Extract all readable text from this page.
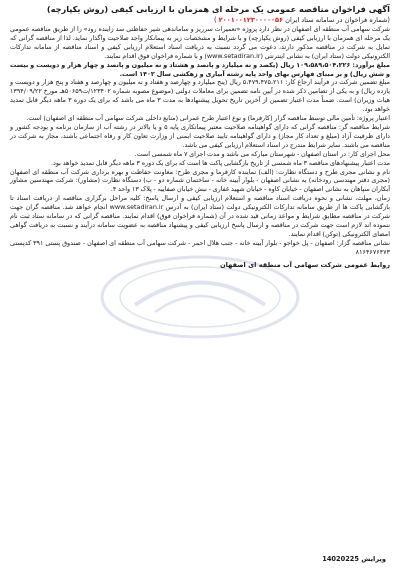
آگهی فراخوان مناقصه عمومی یک مرحله ای همزمان با ارزیابی کیفی (روش یکپارچه)
(شماره فراخوان در سامانه ستاد ایران ۲۰۰۱۰۰۱۲۳۰۰۰۰۰۵۶ )

شرکت سهامی آب منطقه ای اصفهان در نظر دارد پروژه «تعمیرات سرریز و ساماندهی شیر حفاظتی سد زاینده رود» را از طریق مناقصه عمومی یک مرحله ای همزمان با ارزیابی کیفی (روش یکپارچه) و با شرایط و مشخصات زیر به پیمانکار واجد صلاحیت واگذار نماید. لذا از مناقصه گرانی که تمایل به شرکت در مناقصه مذکور دارند، دعوت می گردد نسبت به دریافت اسناد استعلام ارزیابی کیفی و اسناد مناقصه از سامانه تدارکات الکترونیکی دولت (ستاد ایران) به نشانی اینترنتی (www.setadiran.ir) و با شماره فراخوان فوق اقدام نمایند.

مبلغ برآورد: ۱۰۹،۵۸۹،۵۰۴،۲۲۶ ریال (یکصد و نه میلیارد و پانصد و هشتاد و نه میلیون و پانصد و چهار هزار و دویست و بیست و شش ریال) و بر مبنای فهارس بهای واحد پایه رشته آبیاری و زهکشی سال ۱۴۰۲ است.

مبلغ تضمین شرکت در فرآیند ارجاع کار: ۵،۴۷۹،۴۷۵،۲۱۱ ریال (پنج میلیارد و چهارصد و هفتاد و نه میلیون و چهارصد و هفتاد و پنج هزار و دویست و یازده ریال) و به یکی از تضامین ذکر شده در آیین نامه تضمین برای معاملات دولتی (موضوع مصوبه شماره ۱۲۳۴۰۲/ت۵۰۶۵۹هـ مورخ ۱۳۹۴/۰۹/۲۲ هیات وزیران) است. ضمناً مدت اعتبار تضمین از آخرین تاریخ تحویل پیشنهادها به مدت ۳ ماه می باشد که برای یک دوره ۳ ماهه دیگر قابل تمدید خواهد بود.

اعتبار پروژه: تأمین مالی توسط مناقصه گزار (کارفرما) و نوع اعتبار طرح عمرانی (منابع داخلی شرکت سهامی آب منطقه ای اصفهان) است.

شرایط مناقصه گر: مناقصه گرانی که دارای گواهینامه صلاحیت معتبر پیمانکاری پایه ۵ و یا بالاتر در رشته آب از سازمان برنامه و بودجه کشور و دارای ظرفیت آزاد (مبلغ و تعداد کار مجاز) و دارای گواهینامه تایید صلاحیت ایمنی از وزارت تعاون کار و رفاه اجتماعی باشند، مجاز به شرکت در مناقصه می باشند. سایر شرایط مندرج در اسناد استعلام ارزیابی کیفی می باشد.

محل اجرای کار: در استان اصفهان - شهرستان مبارکه می باشد و مدت اجرای ۷ ماه شمسی است.

مدت اعتبار پیشنهادهای مناقصه ۳ ماه شمسی از تاریخ بازگشایی پاکت ها است که برای یک دوره ۳ ماهه دیگر قابل تمدید خواهد بود.

نام و نشانی مجری طرح و دستگاه نظارت: (الف) نماینده کارفرما و مجری طرح: معاونت حفاظت و بهره برداری شرکت آب منطقه ای اصفهان (مجری دفتر مهندسی رودخانه) به نشانی اصفهان - بلوار آیینه خانه - ساختمان شماره دو - ب) دستگاه نظارت (مشاور): شرکت مهندسین مشاور آبکاران سپاهان به نشانی اصفهان - خیابان کاوه - خیابان شهید غفاری - نبش خیابان صفاییه - پلاک ۱۳ واحد ۴.

زمان، مهلت، نشانی و نحوه دریافت اسناد مناقصه و استعلام ارزیابی کیفی و ارسال پاسخ: کلیه مراحل برگزاری مناقصه از دریافت اسناد تا بازگشایی پاکت ها از طریق سامانه تدارکات الکترونیکی دولت (ستاد ایران) به آدرس www.setadiran.ir انجام خواهد شد. مناقصه گران جهت شرکت در مناقصه مطابق شرایط و مواعد زمانی قید شده در آن (شماره فراخوان فوق) اقدام نمایند. مناقصه گرانی که در سامانه ستاد ثبت نام ننموده اند لازم است جهت شرکت در مناقصه و ارسال پاسخ ارزیابی کیفی و پیشنهاد مناقصه به عضویت سامانه درآیند و نسبت به دریافت گواهی امضای الکترونیکی (توکن) اقدام نمایند.

نشانی مناقصه گزار: اصفهان - پل خواجو - بلوار آیینه خانه - جنب هلال احمر - شرکت سهامی آب منطقه ای اصفهان - صندوق پستی ۳۹۱ کدپستی ۸۱۶۴۶۷۶۴۷۳

روابط عمومی شرکت سهامی آب منطقه ای اصفهان
ویرایش 14020225
